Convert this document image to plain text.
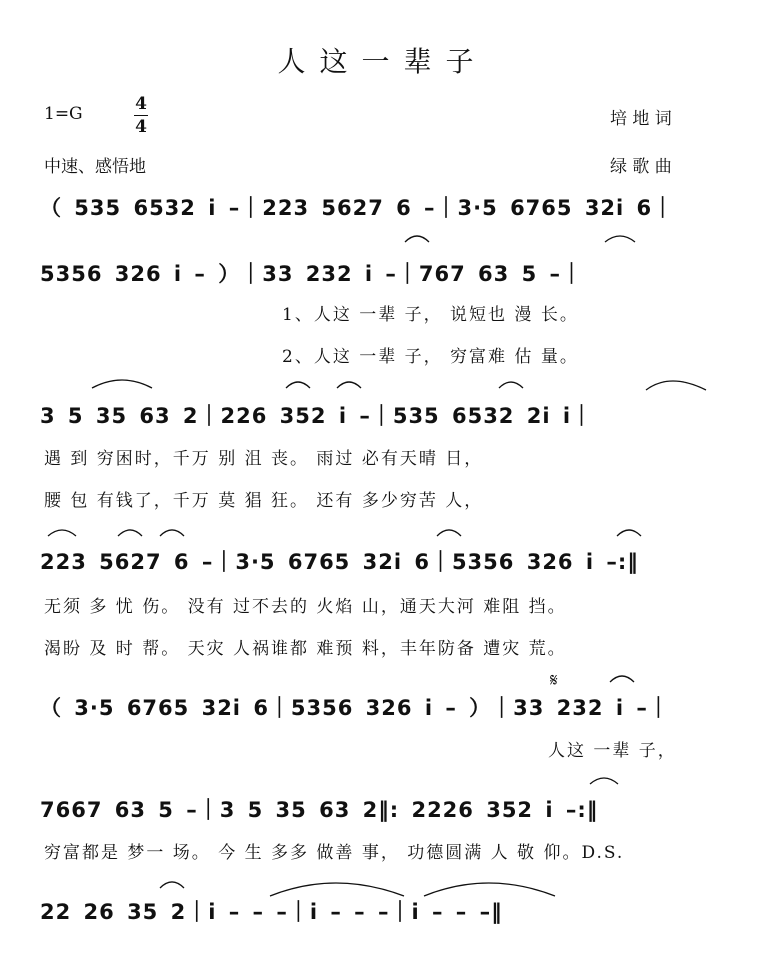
人这一辈子
1=G	4
4
中速、感悟地
培 地 词
绿 歌 曲
（ 535 6532 i –｜223 5627 6 –｜3·5 6765 32i 6｜
5356 326 i – ）｜33 232 i –｜767 63 5 –｜
1、人这 一辈 子， 说短也 漫 长。
2、人这 一辈 子， 穷富难 估 量。
3 5 35 63 2｜226 352 i –｜535 6532 2i i｜
遇 到 穷困时，千万 别 沮 丧。 雨过 必有天晴 日，
腰 包 有钱了，千万 莫 猖 狂。 还有 多少穷苦 人，
223 5627 6 –｜3·5 6765 32i 6｜5356 326 i –:‖
无须 多 忧 伤。 没有 过不去的 火焰 山，通天大河 难阻 挡。
渴盼 及 时 帮。 天灾 人祸谁都 难预 料，丰年防备 遭灾 荒。
𝄋
（ 3·5 6765 32i 6｜5356 326 i – ）｜33 232 i –｜
人这 一辈 子，
7667 63 5 –｜3 5 35 63 2‖: 2226 352 i –:‖
穷富都是 梦一 场。 今 生 多多 做善 事， 功德圆满 人 敬 仰。D.S.
22 26 35 2｜i – – –｜i – – –｜i – – –‖
